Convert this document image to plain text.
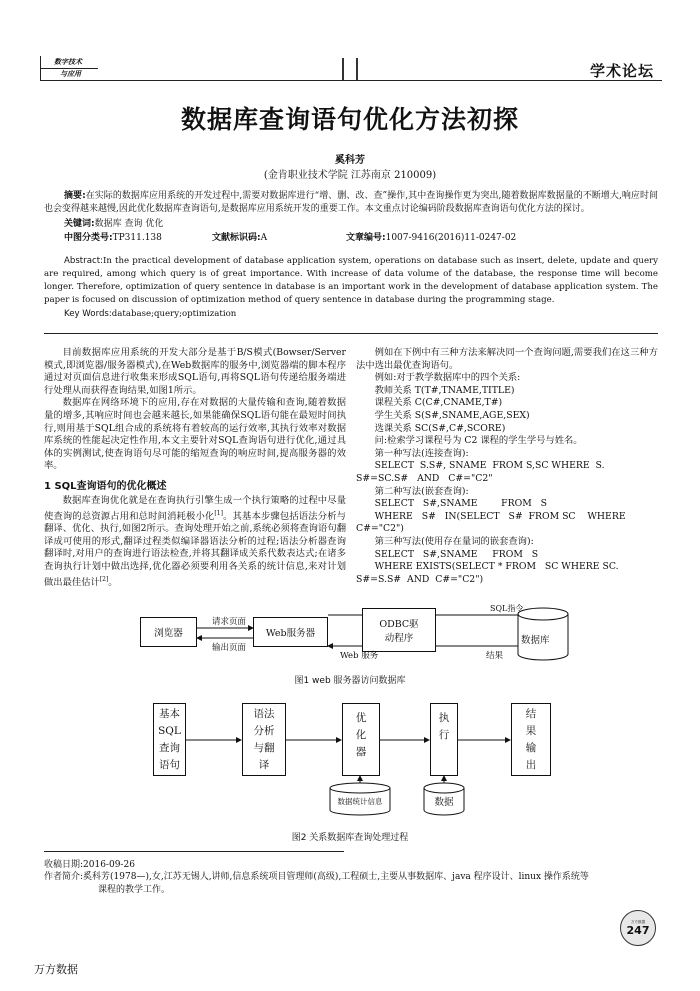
数字技术
与应用	学术论坛
数据库查询语句优化方法初探
奚科芳
(金肯职业技术学院 江苏南京 210009)
摘要:在实际的数据库应用系统的开发过程中,需要对数据库进行“增、删、改、查”操作,其中查询操作更为突出,随着数据库数据量的不断增大,响应时间也会变得越来越慢,因此优化数据库查询语句,是数据库应用系统开发的重要工作。本文重点讨论编码阶段数据库查询语句优化方法的探讨。
关键词:数据库 查询 优化
中图分类号:TP311.138	文献标识码:A	文章编号:1007-9416(2016)11-0247-02
Abstract:In the practical development of database application system, operations on database such as insert, delete, update and query are required, among which query is of great importance. With increase of data volume of the database, the response time will become longer. Therefore, optimization of query sentence in database is an important work in the development of database application system. The paper is focused on discussion of optimization method of query sentence in database during the programming stage.
Key Words:database;query;optimization

目前数据库应用系统的开发大部分是基于B/S模式(Bowser/Server模式,即浏览器/服务器模式),在Web数据库的服务中,浏览器端的脚本程序通过对页面信息进行收集来形成SQL语句,再将SQL语句传递给服务端进行处理从而获得查询结果,如图1所示。

数据库在网络环境下的应用,存在对数据的大量传输和查询,随着数据量的增多,其响应时间也会越来越长,如果能确保SQL语句能在最短时间执行,则用基于SQL组合成的系统将有着较高的运行效率,其执行效率对数据库系统的性能起决定性作用,本文主要针对SQL查询语句进行优化,通过具体的实例测试,使查询语句尽可能的缩短查询的响应时间,提高服务器的效率。

1 SQL查询语句的优化概述

数据库查询优化就是在查询执行引擎生成一个执行策略的过程中尽量使查询的总资源占用和总时间消耗极小化[1]。其基本步骤包括语法分析与翻译、优化、执行,如图2所示。查询处理开始之前,系统必须将查询语句翻译成可使用的形式,翻译过程类似编译器语法分析的过程;语法分析器查询翻译时,对用户的查询进行语法检查,并将其翻译成关系代数表达式;在诸多查询执行计划中做出选择,优化器必须要利用各关系的统计信息,来对计划做出最佳估计[2]。

例如在下例中有三种方法来解决同一个查询问题,需要我们在这三种方法中选出最优查询语句。

例如:对于教学数据库中的四个关系:

教师关系 T(T#,TNAME,TITLE)

课程关系 C(C#,CNAME,T#)

学生关系 S(S#,SNAME,AGE,SEX)

选课关系 SC(S#,C#,SCORE)

问:检索学习课程号为 C2 课程的学生学号与姓名。

第一种写法(连接查询):

SELECT  S.S#, SNAME  FROM S,SC WHERE  S.

S#=SC.S#   AND   C#="C2"

第二种写法(嵌套查询):

SELECT   S#,SNAME        FROM   S

WHERE   S#   IN(SELECT   S#  FROM SC    WHERE

C#="C2")

第三种写法(使用存在量词的嵌套查询):

SELECT   S#,SNAME     FROM   S

WHERE EXISTS(SELECT * FROM   SC WHERE SC.

S#=S.S#  AND  C#="C2")

浏览器	Web服务器
ODBC驱
动程序	数据库
请求页面
输出页面
Web 服务
SQL指令
结果
图1 web 服务器访问数据库
基本
SQL
查询
语句
语法
分析
与翻
译
优
化
器
执
行
结
果
输
出
数据统计信息	数据
图2 关系数据库查询处理过程
收稿日期:2016-09-26
作者简介:奚科芳(1978—),女,江苏无锡人,讲师,信息系统项目管理师(高级),工程硕士,主要从事数据库、java 程序设计、linux 操作系统等
课程的教学工作。
万方数据
247
万方数据
